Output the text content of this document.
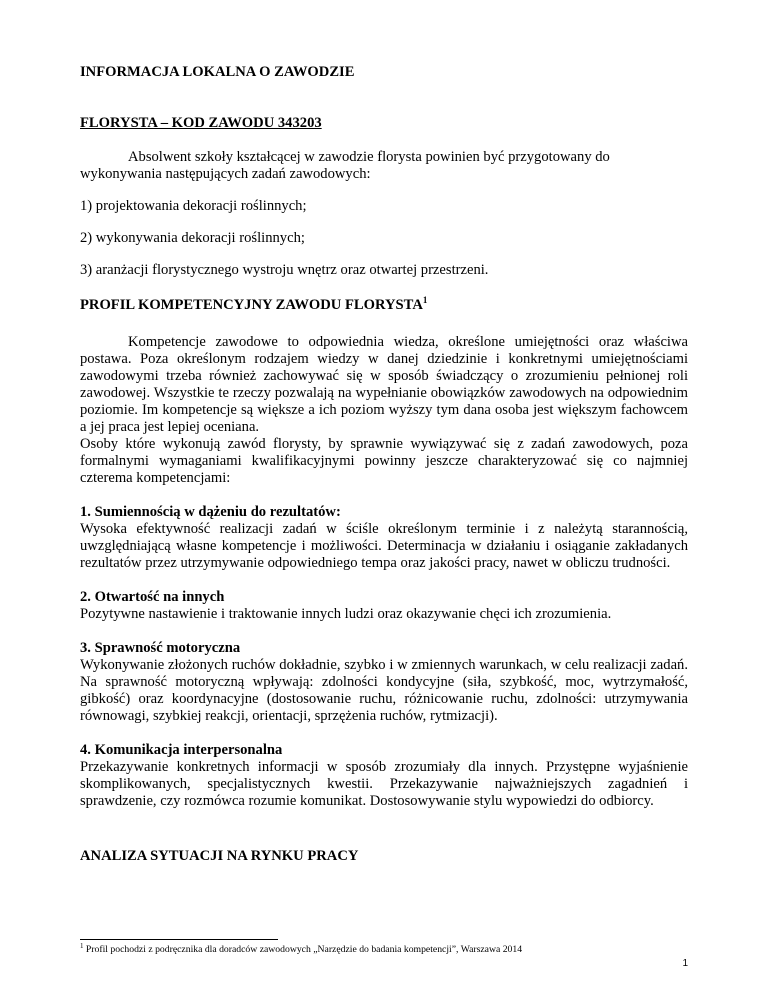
INFORMACJA LOKALNA O ZAWODZIE

FLORYSTA – KOD ZAWODU 343203

Absolwent szkoły kształcącej w zawodzie florysta powinien być przygotowany do wykonywania następujących zadań zawodowych:

1) projektowania dekoracji roślinnych;

2) wykonywania dekoracji roślinnych;

3) aranżacji florystycznego wystroju wnętrz oraz otwartej przestrzeni.

PROFIL KOMPETENCYJNY ZAWODU FLORYSTA$^1$

Kompetencje zawodowe to odpowiednia wiedza, określone umiejętności oraz właściwa postawa. Poza określonym rodzajem wiedzy w danej dziedzinie i konkretnymi umiejętnościami zawodowymi trzeba również zachowywać się w sposób świadczący o zrozumieniu pełnionej roli zawodowej. Wszystkie te rzeczy pozwalają na wypełnianie obowiązków zawodowych na odpowiednim poziomie. Im kompetencje są większe a ich poziom wyższy tym dana osoba jest większym fachowcem a jej praca jest lepiej oceniana.

Osoby które wykonują zawód florysty, by sprawnie wywiązywać się z zadań zawodowych, poza formalnymi wymaganiami kwalifikacyjnymi powinny jeszcze charakteryzować się co najmniej czterema kompetencjami:

1. Sumiennością w dążeniu do rezultatów:

Wysoka efektywność realizacji zadań w ściśle określonym terminie i z należytą starannością, uwzględniającą własne kompetencje i możliwości. Determinacja w działaniu i osiąganie zakładanych rezultatów przez utrzymywanie odpowiedniego tempa oraz jakości pracy, nawet w obliczu trudności.

2. Otwartość na innych

Pozytywne nastawienie i traktowanie innych ludzi oraz okazywanie chęci ich zrozumienia.

3. Sprawność motoryczna

Wykonywanie złożonych ruchów dokładnie, szybko i w zmiennych warunkach, w celu realizacji zadań. Na sprawność motoryczną wpływają: zdolności kondycyjne (siła, szybkość, moc, wytrzymałość, gibkość) oraz koordynacyjne (dostosowanie ruchu, różnicowanie ruchu, zdolności: utrzymywania równowagi, szybkiej reakcji, orientacji, sprzężenia ruchów, rytmizacji).

4. Komunikacja interpersonalna

Przekazywanie konkretnych informacji w sposób zrozumiały dla innych. Przystępne wyjaśnienie skomplikowanych, specjalistycznych kwestii. Przekazywanie najważniejszych zagadnień i sprawdzenie, czy rozmówca rozumie komunikat. Dostosowywanie stylu wypowiedzi do odbiorcy.

ANALIZA SYTUACJI NA RYNKU PRACY

$^1$ Profil pochodzi z podręcznika dla doradców zawodowych „Narzędzie do badania kompetencji”, Warszawa 2014
1
